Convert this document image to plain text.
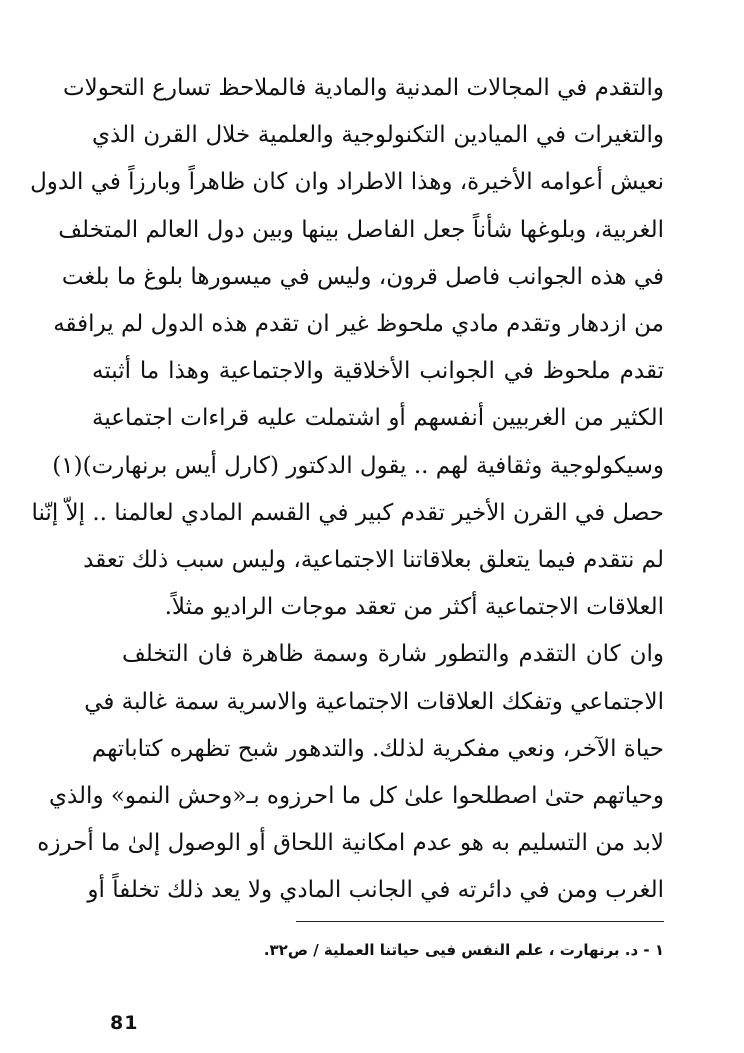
والتقدم في المجالات المدنية والمادية فالملاحظ تسارع التحولات
والتغيرات في الميادين التكنولوجية والعلمية خلال القرن الذي
نعيش أعوامه الأخيرة، وهذا الاطراد وان كان ظاهراً وبارزاً في الدول
الغربية، وبلوغها شأناً جعل الفاصل بينها وبين دول العالم المتخلف
في هذه الجوانب فاصل قرون، وليس في ميسورها بلوغ ما بلغت
من ازدهار وتقدم مادي ملحوظ غير ان تقدم هذه الدول لم يرافقه
تقدم ملحوظ في الجوانب الأخلاقية والاجتماعية وهذا ما أثبته
الكثير من الغربيين أنفسهم أو اشتملت عليه قراءات اجتماعية
وسيكولوجية وثقافية لهم .. يقول الدكتور (كارل أيس برنهارت)(١)
حصل في القرن الأخير تقدم كبير في القسم المادي لعالمنا .. إلاّ إنّنا
لم نتقدم فيما يتعلق بعلاقاتنا الاجتماعية، وليس سبب ذلك تعقد
العلاقات الاجتماعية أكثر من تعقد موجات الراديو مثلاً.
وان كان التقدم والتطور شارة وسمة ظاهرة فان التخلف
الاجتماعي وتفكك العلاقات الاجتماعية والاسرية سمة غالبة في
حياة الآخر، ونعي مفكرية لذلك. والتدهور شبح تظهره كتاباتهم
وحياتهم حتىٰ اصطلحوا علىٰ كل ما احرزوه بـ«وحش النمو» والذي
لابد من التسليم به هو عدم امكانية اللحاق أو الوصول إلىٰ ما أحرزه
الغرب ومن في دائرته في الجانب المادي ولا يعد ذلك تخلفاً أو
١ - د. برنهارت ، علم النفس فيى حياتنا العملية / ص٣٢.
81
